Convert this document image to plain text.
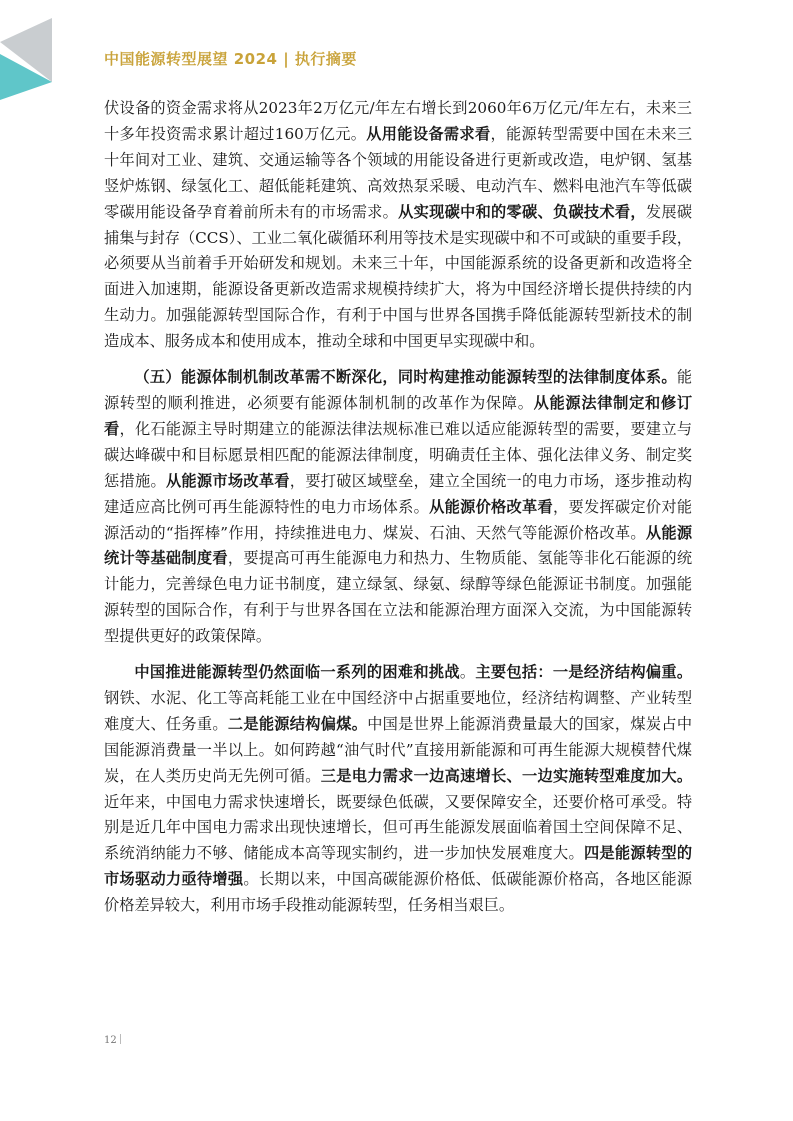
中国能源转型展望 2024 | 执行摘要

伏设备的资金需求将从2023年2万亿元/年左右增长到2060年6万亿元/年左右，未来三十多年投资需求累计超过160万亿元。从用能设备需求看，能源转型需要中国在未来三十年间对工业、建筑、交通运输等各个领域的用能设备进行更新或改造，电炉钢、氢基竖炉炼钢、绿氢化工、超低能耗建筑、高效热泵采暖、电动汽车、燃料电池汽车等低碳零碳用能设备孕育着前所未有的市场需求。从实现碳中和的零碳、负碳技术看，发展碳捕集与封存（CCS）、工业二氧化碳循环利用等技术是实现碳中和不可或缺的重要手段，必须要从当前着手开始研发和规划。未来三十年，中国能源系统的设备更新和改造将全面进入加速期，能源设备更新改造需求规模持续扩大，将为中国经济增长提供持续的内生动力。加强能源转型国际合作，有利于中国与世界各国携手降低能源转型新技术的制造成本、服务成本和使用成本，推动全球和中国更早实现碳中和。

（五）能源体制机制改革需不断深化，同时构建推动能源转型的法律制度体系。能源转型的顺利推进，必须要有能源体制机制的改革作为保障。从能源法律制定和修订看，化石能源主导时期建立的能源法律法规标准已难以适应能源转型的需要，要建立与碳达峰碳中和目标愿景相匹配的能源法律制度，明确责任主体、强化法律义务、制定奖惩措施。从能源市场改革看，要打破区域壁垒，建立全国统一的电力市场，逐步推动构建适应高比例可再生能源特性的电力市场体系。从能源价格改革看，要发挥碳定价对能源活动的“指挥棒”作用，持续推进电力、煤炭、石油、天然气等能源价格改革。从能源统计等基础制度看，要提高可再生能源电力和热力、生物质能、氢能等非化石能源的统计能力，完善绿色电力证书制度，建立绿氢、绿氨、绿醇等绿色能源证书制度。加强能源转型的国际合作，有利于与世界各国在立法和能源治理方面深入交流，为中国能源转型提供更好的政策保障。

中国推进能源转型仍然面临一系列的困难和挑战。主要包括：一是经济结构偏重。钢铁、水泥、化工等高耗能工业在中国经济中占据重要地位，经济结构调整、产业转型难度大、任务重。二是能源结构偏煤。中国是世界上能源消费量最大的国家，煤炭占中国能源消费量一半以上。如何跨越“油气时代”直接用新能源和可再生能源大规模替代煤炭，在人类历史尚无先例可循。三是电力需求一边高速增长、一边实施转型难度加大。近年来，中国电力需求快速增长，既要绿色低碳，又要保障安全，还要价格可承受。特别是近几年中国电力需求出现快速增长，但可再生能源发展面临着国土空间保障不足、系统消纳能力不够、储能成本高等现实制约，进一步加快发展难度大。四是能源转型的市场驱动力亟待增强。长期以来，中国高碳能源价格低、低碳能源价格高，各地区能源价格差异较大，利用市场手段推动能源转型，任务相当艰巨。

12
